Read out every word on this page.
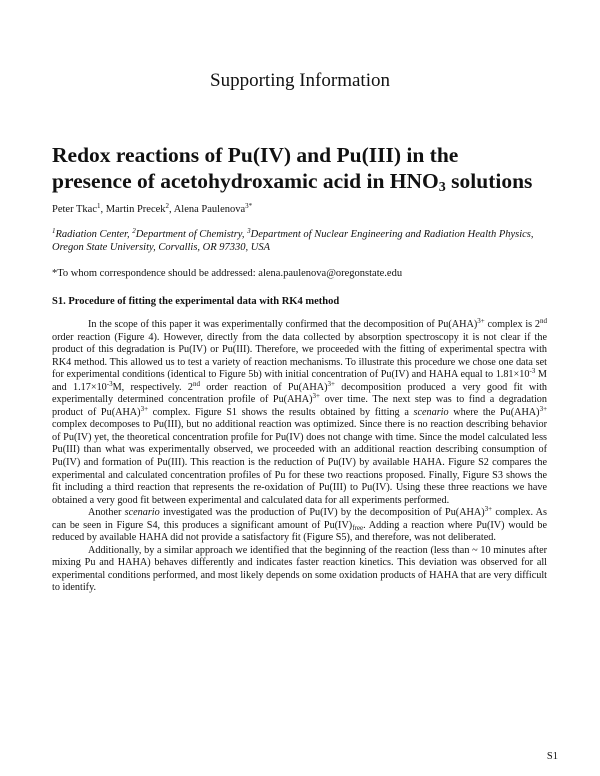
Supporting Information
Redox reactions of Pu(IV) and Pu(III) in the
presence of acetohydroxamic acid in $HNO_3$ solutions
Peter Tkac$^1$, Martin Precek$^2$, Alena Paulenova$^{3*}$
$^1$Radiation Center, $^2$Department of Chemistry, $^3$Department of Nuclear Engineering and Radiation Health Physics, Oregon State University, Corvallis, OR 97330, USA
*To whom correspondence should be addressed: alena.paulenova@oregonstate.edu
S1. Procedure of fitting the experimental data with RK4 method

In the scope of this paper it was experimentally confirmed that the decomposition of Pu(AHA)$^{3+}$ complex is 2nd order reaction (Figure 4). However, directly from the data collected by absorption spectroscopy it is not clear if the product of this degradation is Pu(IV) or Pu(III). Therefore, we proceeded with the fitting of experimental spectra with RK4 method. This allowed us to test a variety of reaction mechanisms. To illustrate this procedure we chose one data set for experimental conditions (identical to Figure 5b) with initial concentration of Pu(IV) and HAHA equal to $1.81\times 10^{-3}$ M and $1.17\times 10^{-3}M$, respectively. 2nd order reaction of Pu(AHA)$^{3+}$ decomposition produced a very good fit with experimentally determined concentration profile of Pu(AHA)$^{3+}$ over time. The next step was to find a degradation product of Pu(AHA)$^{3+}$ complex. Figure S1 shows the results obtained by fitting a scenario where the Pu(AHA)$^{3+}$ complex decomposes to Pu(III), but no additional reaction was optimized. Since there is no reaction describing behavior of Pu(IV) yet, the theoretical concentration profile for Pu(IV) does not change with time. Since the model calculated less Pu(III) than what was experimentally observed, we proceeded with an additional reaction describing consumption of Pu(IV) and formation of Pu(III). This reaction is the reduction of Pu(IV) by available HAHA. Figure S2 compares the experimental and calculated concentration profiles of Pu for these two reactions proposed. Finally, Figure S3 shows the fit including a third reaction that represents the re-oxidation of Pu(III) to Pu(IV). Using these three reactions we have obtained a very good fit between experimental and calculated data for all experiments performed.

Another scenario investigated was the production of Pu(IV) by the decomposition of Pu(AHA)$^{3+}$ complex. As can be seen in Figure S4, this produces a significant amount of $Pu(IV)_{free}$. Adding a reaction where Pu(IV) would be reduced by available HAHA did not provide a satisfactory fit (Figure S5), and therefore, was not deliberated.

Additionally, by a similar approach we identified that the beginning of the reaction (less than ~ 10 minutes after mixing Pu and HAHA) behaves differently and indicates faster reaction kinetics. This deviation was observed for all experimental conditions performed, and most likely depends on some oxidation products of HAHA that are very difficult to identify.

S1
